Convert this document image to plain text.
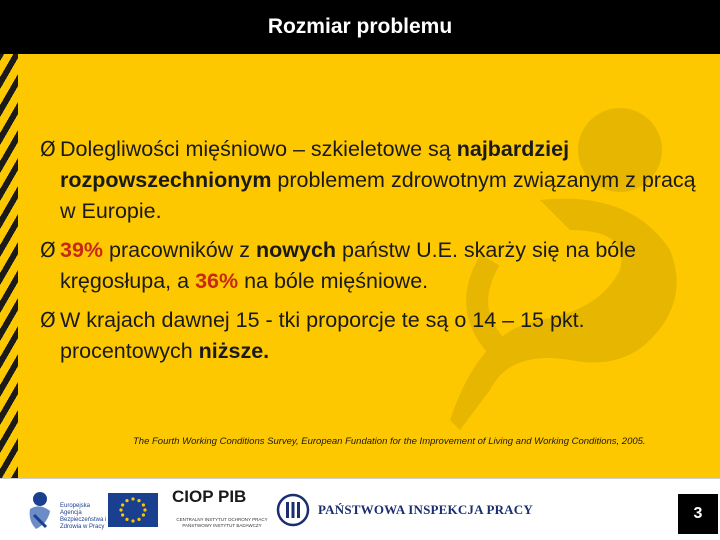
Rozmiar problemu
Ø Dolegliwości mięśniowo – szkieletowe są najbardziej rozpowszechnionym problemem zdrowotnym związanym z pracą w Europie.
Ø 39% pracowników z nowych państw U.E. skarży się na bóle kręgosłupa, a 36% na bóle mięśniowe.
Ø W krajach dawnej 15 - tki proporcje te są o 14 – 15 pkt. procentowych niższe.
The Fourth Working Conditions Survey, European Fundation for the Improvement of Living and Working Conditions, 2005.
Europejska Agencja Bezpieczeństwa i Zdrowia w Pracy
CIOP PIB
CENTRALNY INSTYTUT OCHRONY PRACY PAŃSTWOWY INSTYTUT BADAWCZY
PAŃSTWOWA INSPEKCJA PRACY	3
